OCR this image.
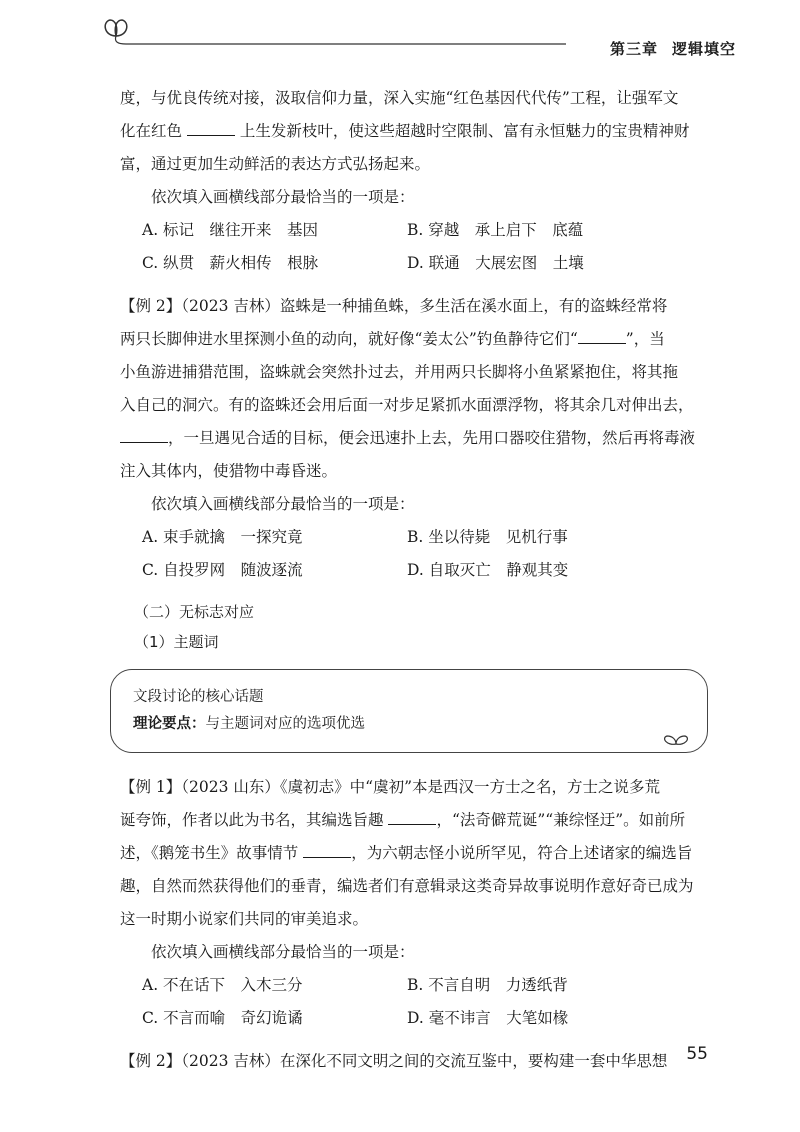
第三章 逻辑填空

度，与优良传统对接，汲取信仰力量，深入实施“红色基因代代传”工程，让强军文

化在红色	上生发新枝叶，使这些超越时空限制、富有永恒魅力的宝贵精神财

富，通过更加生动鲜活的表达方式弘扬起来。

依次填入画横线部分最恰当的一项是：

A. 标记　继往开来　基因	B. 穿越　承上启下　底蕴
C. 纵贯　薪火相传　根脉	D. 联通　大展宏图　土壤

【例 2】（2023 吉林）盗蛛是一种捕鱼蛛，多生活在溪水面上，有的盗蛛经常将

两只长脚伸进水里探测小鱼的动向，就好像“姜太公”钓鱼静待它们“	”，当

小鱼游进捕猎范围，盗蛛就会突然扑过去，并用两只长脚将小鱼紧紧抱住，将其拖

入自己的洞穴。有的盗蛛还会用后面一对步足紧抓水面漂浮物，将其余几对伸出去，

，一旦遇见合适的目标，便会迅速扑上去，先用口器咬住猎物，然后再将毒液

注入其体内，使猎物中毒昏迷。

依次填入画横线部分最恰当的一项是：

A. 束手就擒　一探究竟	B. 坐以待毙　见机行事
C. 自投罗网　随波逐流	D. 自取灭亡　静观其变
（二）无标志对应
（1）主题词
文段讨论的核心话题
理论要点：与主题词对应的选项优选

【例 1】（2023 山东）《虞初志》中“虞初”本是西汉一方士之名，方士之说多荒

诞夸饰，作者以此为书名，其编选旨趣	，“法奇僻荒诞”“兼综怪迂”。如前所

述，《鹅笼书生》故事情节	，为六朝志怪小说所罕见，符合上述诸家的编选旨

趣，自然而然获得他们的垂青，编选者们有意辑录这类奇异故事说明作意好奇已成为

这一时期小说家们共同的审美追求。

依次填入画横线部分最恰当的一项是：

A. 不在话下　入木三分	B. 不言自明　力透纸背
C. 不言而喻　奇幻诡谲	D. 毫不讳言　大笔如椽

【例 2】（2023 吉林）在深化不同文明之间的交流互鉴中，要构建一套中华思想	55
